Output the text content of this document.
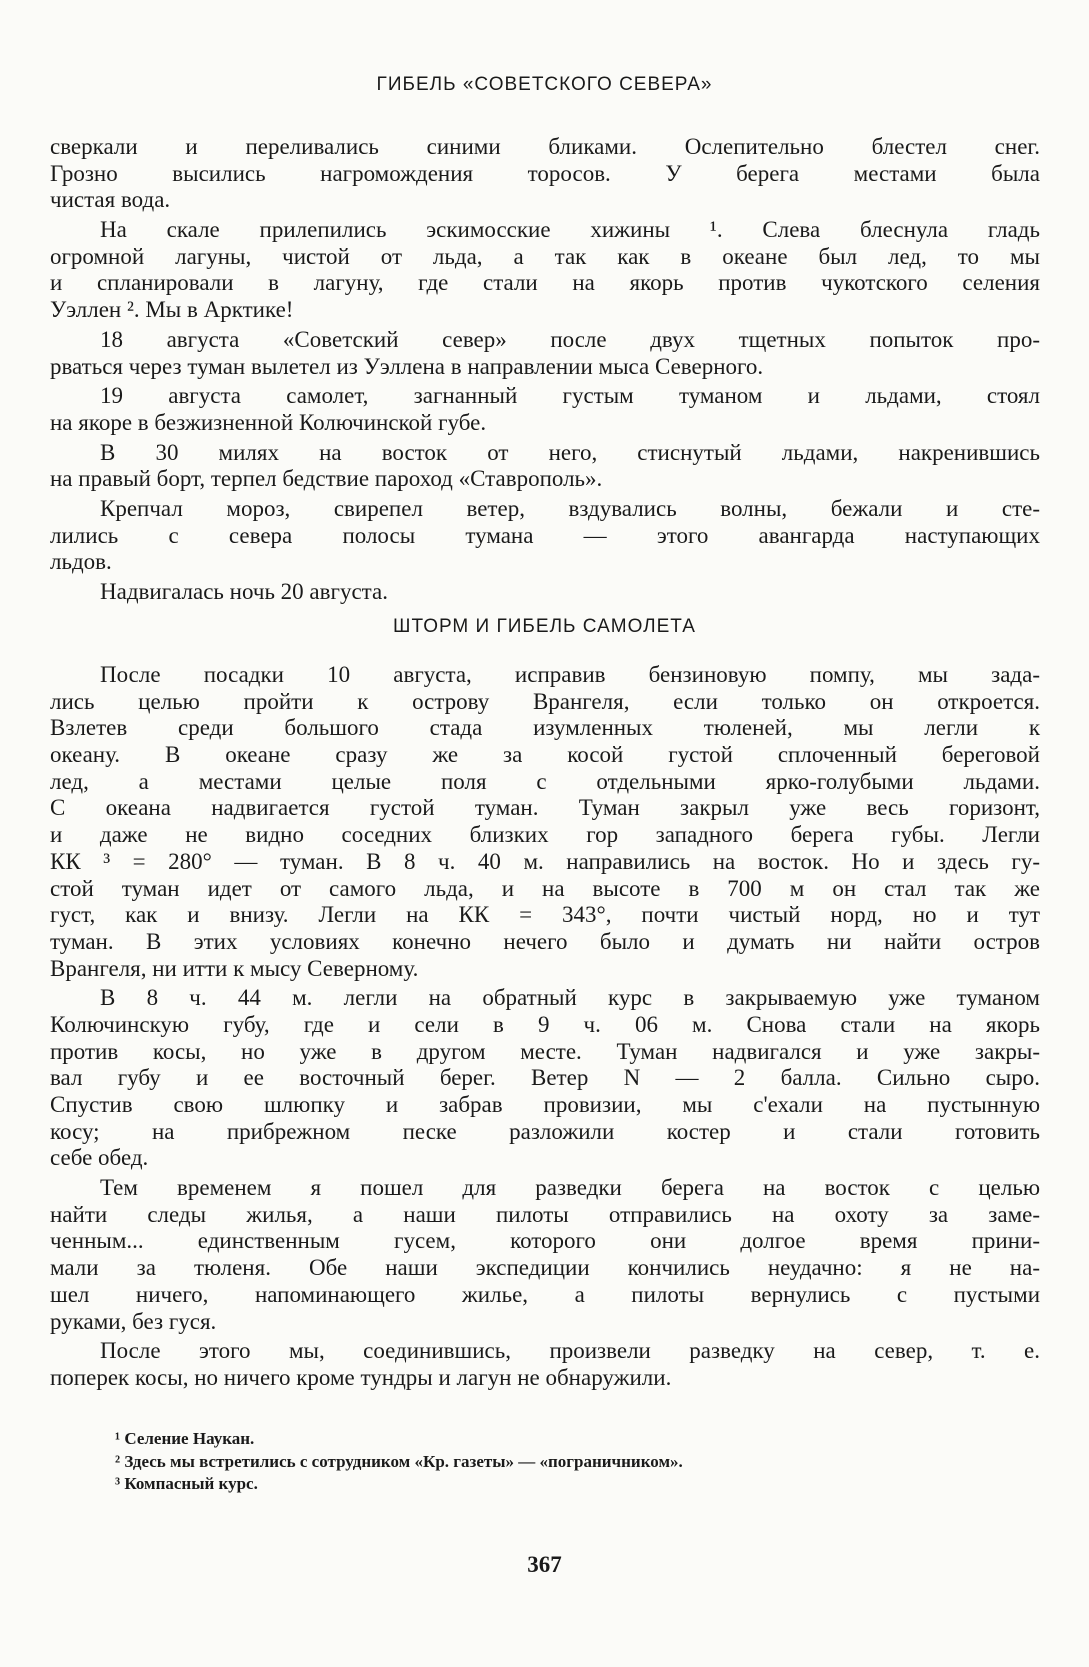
ГИБЕЛЬ «СОВЕТСКОГО СЕВЕРА»
сверкали и переливались синими бликами. Ослепительно блестел снег.
Грозно высились нагромождения торосов. У берега местами была
чистая вода.
На скале прилепились эскимосские хижины ¹. Слева блеснула гладь
огромной лагуны, чистой от льда, а так как в океане был лед, то мы
и спланировали в лагуну, где стали на якорь против чукотского селения
Уэллен ². Мы в Арктике!
18 августа «Советский север» после двух тщетных попыток про-
рваться через туман вылетел из Уэллена в направлении мыса Северного.
19 августа самолет, загнанный густым туманом и льдами, стоял
на якоре в безжизненной Колючинской губе.
В 30 милях на восток от него, стиснутый льдами, накренившись
на правый борт, терпел бедствие пароход «Ставрополь».
Крепчал мороз, свирепел ветер, вздувались волны, бежали и сте-
лились с севера полосы тумана — этого авангарда наступающих
льдов.
Надвигалась ночь 20 августа.
ШТОРМ И ГИБЕЛЬ САМОЛЕТА
После посадки 10 августа, исправив бензиновую помпу, мы зада-
лись целью пройти к острову Врангеля, если только он откроется.
Взлетев среди большого стада изумленных тюленей, мы легли к
океану. В океане сразу же за косой густой сплоченный береговой
лед, а местами целые поля с отдельными ярко-голубыми льдами.
С океана надвигается густой туман. Туман закрыл уже весь горизонт,
и даже не видно соседних близких гор западного берега губы. Легли
КК ³ = 280° — туман. В 8 ч. 40 м. направились на восток. Но и здесь гу-
стой туман идет от самого льда, и на высоте в 700 м он стал так же
густ, как и внизу. Легли на КК = 343°, почти чистый норд, но и тут
туман. В этих условиях конечно нечего было и думать ни найти остров
Врангеля, ни итти к мысу Северному.
В 8 ч. 44 м. легли на обратный курс в закрываемую уже туманом
Колючинскую губу, где и сели в 9 ч. 06 м. Снова стали на якорь
против косы, но уже в другом месте. Туман надвигался и уже закры-
вал губу и ее восточный берег. Ветер N — 2 балла. Сильно сыро.
Спустив свою шлюпку и забрав провизии, мы с'ехали на пустынную
косу; на прибрежном песке разложили костер и стали готовить
себе обед.
Тем временем я пошел для разведки берега на восток с целью
найти следы жилья, а наши пилоты отправились на охоту за заме-
ченным... единственным гусем, которого они долгое время прини-
мали за тюленя. Обе наши экспедиции кончились неудачно: я не на-
шел ничего, напоминающего жилье, а пилоты вернулись с пустыми
руками, без гуся.
После этого мы, соединившись, произвели разведку на север, т. е.
поперек косы, но ничего кроме тундры и лагун не обнаружили.
¹ Селение Наукан.
² Здесь мы встретились с сотрудником «Кр. газеты» — «пограничником».
³ Компасный курс.
367
